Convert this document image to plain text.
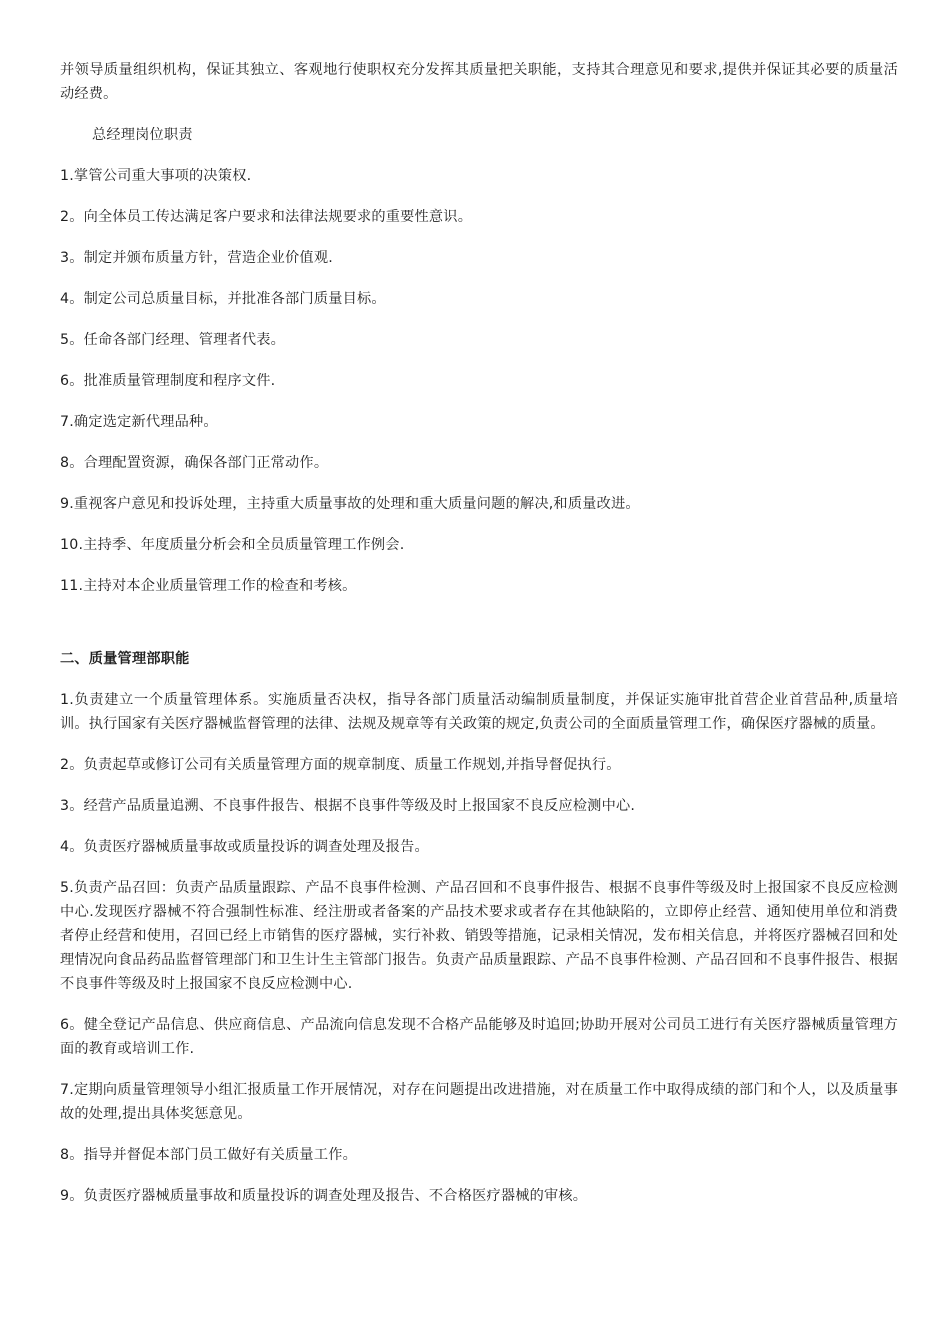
并领导质量组织机构，保证其独立、客观地行使职权充分发挥其质量把关职能，支持其合理意见和要求,提供并保证其必要的质量活动经费。

总经理岗位职责

1.掌管公司重大事项的决策权.

2。向全体员工传达满足客户要求和法律法规要求的重要性意识。

3。制定并颁布质量方针，营造企业价值观.

4。制定公司总质量目标，并批准各部门质量目标。

5。任命各部门经理、管理者代表。

6。批准质量管理制度和程序文件.

7.确定选定新代理品种。

8。合理配置资源，确保各部门正常动作。

9.重视客户意见和投诉处理，主持重大质量事故的处理和重大质量问题的解决,和质量改进。

10.主持季、年度质量分析会和全员质量管理工作例会.

11.主持对本企业质量管理工作的检查和考核。

二、质量管理部职能

1.负责建立一个质量管理体系。实施质量否决权，指导各部门质量活动编制质量制度，并保证实施审批首营企业首营品种,质量培训。执行国家有关医疗器械监督管理的法律、法规及规章等有关政策的规定,负责公司的全面质量管理工作，确保医疗器械的质量。

2。负责起草或修订公司有关质量管理方面的规章制度、质量工作规划,并指导督促执行。

3。经营产品质量追溯、不良事件报告、根据不良事件等级及时上报国家不良反应检测中心.

4。负责医疗器械质量事故或质量投诉的调查处理及报告。

5.负责产品召回：负责产品质量跟踪、产品不良事件检测、产品召回和不良事件报告、根据不良事件等级及时上报国家不良反应检测中心.发现医疗器械不符合强制性标准、经注册或者备案的产品技术要求或者存在其他缺陷的，立即停止经营、通知使用单位和消费者停止经营和使用，召回已经上市销售的医疗器械，实行补救、销毁等措施，记录相关情况，发布相关信息，并将医疗器械召回和处理情况向食品药品监督管理部门和卫生计生主管部门报告。负责产品质量跟踪、产品不良事件检测、产品召回和不良事件报告、根据不良事件等级及时上报国家不良反应检测中心.

6。健全登记产品信息、供应商信息、产品流向信息发现不合格产品能够及时追回;协助开展对公司员工进行有关医疗器械质量管理方面的教育或培训工作.

7.定期向质量管理领导小组汇报质量工作开展情况，对存在问题提出改进措施，对在质量工作中取得成绩的部门和个人，以及质量事故的处理,提出具体奖惩意见。

8。指导并督促本部门员工做好有关质量工作。

9。负责医疗器械质量事故和质量投诉的调查处理及报告、不合格医疗器械的审核。
